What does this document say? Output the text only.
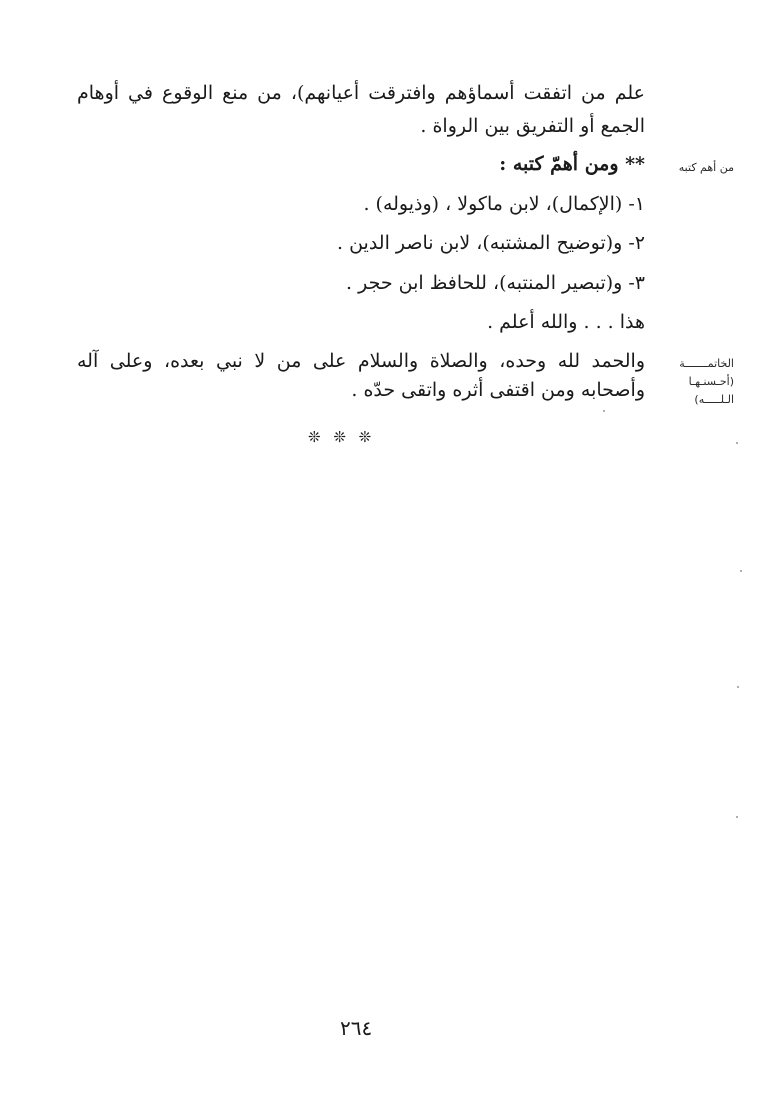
علم من اتفقت أسماؤهم وافترقت أعيانهم)، من منع الوقوع في أوهام
الجمع أو التفريق بين الرواة .
من أهم كتبه
** ومن أهمّ كتبه :
١- (الإكمال)، لابن ماكولا ، (وذيوله) .
٢- و(توضيح المشتبه)، لابن ناصر الدين .
٣- و(تبصير المنتبه)، للحافظ ابن حجر .
هذا . . . والله أعلم .
الخاتمـــــــة
(أحـسنـهـا
الـلـــــه)
والحمد لله وحده، والصلاة والسلام على من لا نبي بعده، وعلى آله
وأصحابه ومن اقتفى أثره واتقى حدّه .
❊ ❊ ❊
٢٦٤
